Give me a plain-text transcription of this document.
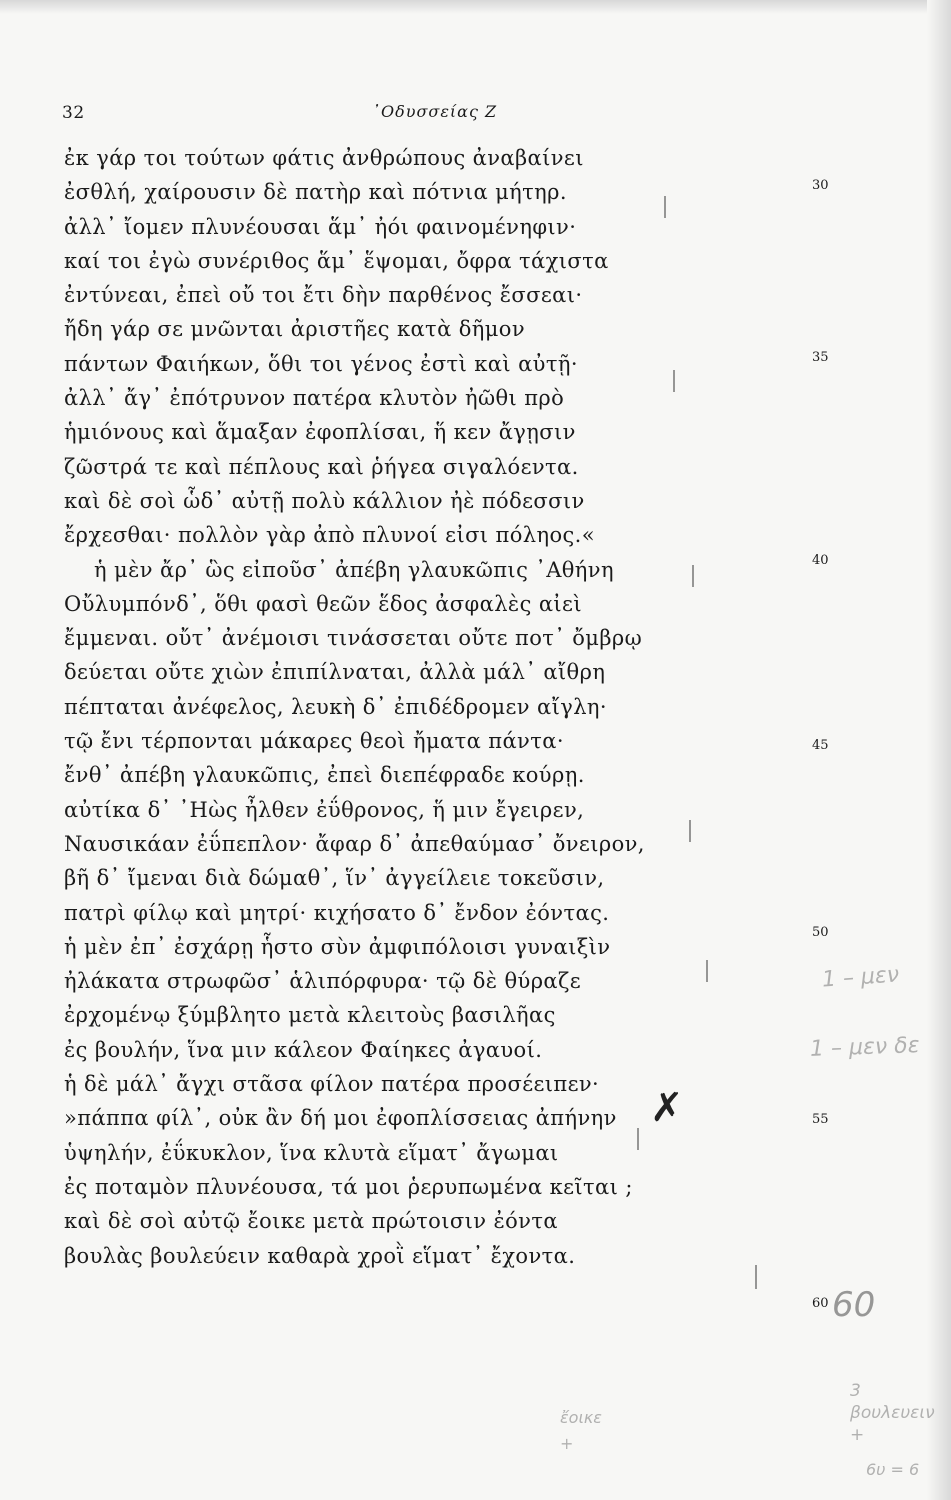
32	᾿Οδυσσείας Ζ
ἐκ γάρ τοι τούτων φάτις ἀνθρώπους ἀναβαίνει
ἐσθλή, χαίρουσιν δὲ πατὴρ καὶ πότνια μήτηρ.
ἀλλ᾿ ἴομεν πλυνέουσαι ἅμ᾿ ἠόι φαινομένηφιν·
καί τοι ἐγὼ συνέριθος ἅμ᾿ ἕψομαι, ὄφρα τάχιστα
ἐντύνεαι, ἐπεὶ οὔ τοι ἔτι δὴν παρθένος ἔσσεαι·
ἤδη γάρ σε μνῶνται ἀριστῆες κατὰ δῆμον
πάντων Φαιήκων, ὅθι τοι γένος ἐστὶ καὶ αὐτῇ·
ἀλλ᾿ ἄγ᾿ ἐπότρυνον πατέρα κλυτὸν ἠῶθι πρὸ
ἡμιόνους καὶ ἅμαξαν ἐφοπλίσαι, ἥ κεν ἄγῃσιν
ζῶστρά τε καὶ πέπλους καὶ ῥήγεα σιγαλόεντα.
καὶ δὲ σοὶ ὧδ᾿ αὐτῇ πολὺ κάλλιον ἠὲ πόδεσσιν
ἔρχεσθαι· πολλὸν γὰρ ἀπὸ πλυνοί εἰσι πόληος.«
ἡ μὲν ἄρ᾿ ὣς εἰποῦσ᾿ ἀπέβη γλαυκῶπις ᾿Αθήνη
Οὔλυμπόνδ᾿, ὅθι φασὶ θεῶν ἕδος ἀσφαλὲς αἰεὶ
ἔμμεναι. οὔτ᾿ ἀνέμοισι τινάσσεται οὔτε ποτ᾿ ὄμβρῳ
δεύεται οὔτε χιὼν ἐπιπίλναται, ἀλλὰ μάλ᾿ αἴθρη
πέπταται ἀνέφελος, λευκὴ δ᾿ ἐπιδέδρομεν αἴγλη·
τῷ ἔνι τέρπονται μάκαρες θεοὶ ἤματα πάντα·
ἔνθ᾿ ἀπέβη γλαυκῶπις, ἐπεὶ διεπέφραδε κούρῃ.
αὐτίκα δ᾿ ᾿Ηὼς ἦλθεν ἐΰθρονος, ἥ μιν ἔγειρεν,
Ναυσικάαν ἐΰπεπλον· ἄφαρ δ᾿ ἀπεθαύμασ᾿ ὄνειρον,
βῆ δ᾿ ἴμεναι διὰ δώμαθ᾿, ἵν᾿ ἀγγείλειε τοκεῦσιν,
πατρὶ φίλῳ καὶ μητρί· κιχήσατο δ᾿ ἔνδον ἐόντας.
ἡ μὲν ἐπ᾿ ἐσχάρῃ ἧστο σὺν ἀμφιπόλοισι γυναιξὶν
ἠλάκατα στρωφῶσ᾿ ἁλιπόρφυρα· τῷ δὲ θύραζε
ἐρχομένῳ ξύμβλητο μετὰ κλειτοὺς βασιλῆας
ἐς βουλήν, ἵνα μιν κάλεον Φαίηκες ἀγαυοί.
ἡ δὲ μάλ᾿ ἄγχι στᾶσα φίλον πατέρα προσέειπεν·
»πάππα φίλ᾿, οὐκ ἂν δή μοι ἐφοπλίσσειας ἀπήνην
ὑψηλήν, ἐΰκυκλον, ἵνα κλυτὰ εἵματ᾿ ἄγωμαι
ἐς ποταμὸν πλυνέουσα, τά μοι ῥερυπωμένα κεῖται ;
καὶ δὲ σοὶ αὐτῷ ἔοικε μετὰ πρώτοισιν ἐόντα
βουλὰς βουλεύειν καθαρὰ χροῒ εἵματ᾿ ἔχοντα.
30
35
40
45
50
55
60
✗
1 – μεν
1 – μεν δε
60
3
βουλευειν
+
6υ = 6
ἔοικε
+
